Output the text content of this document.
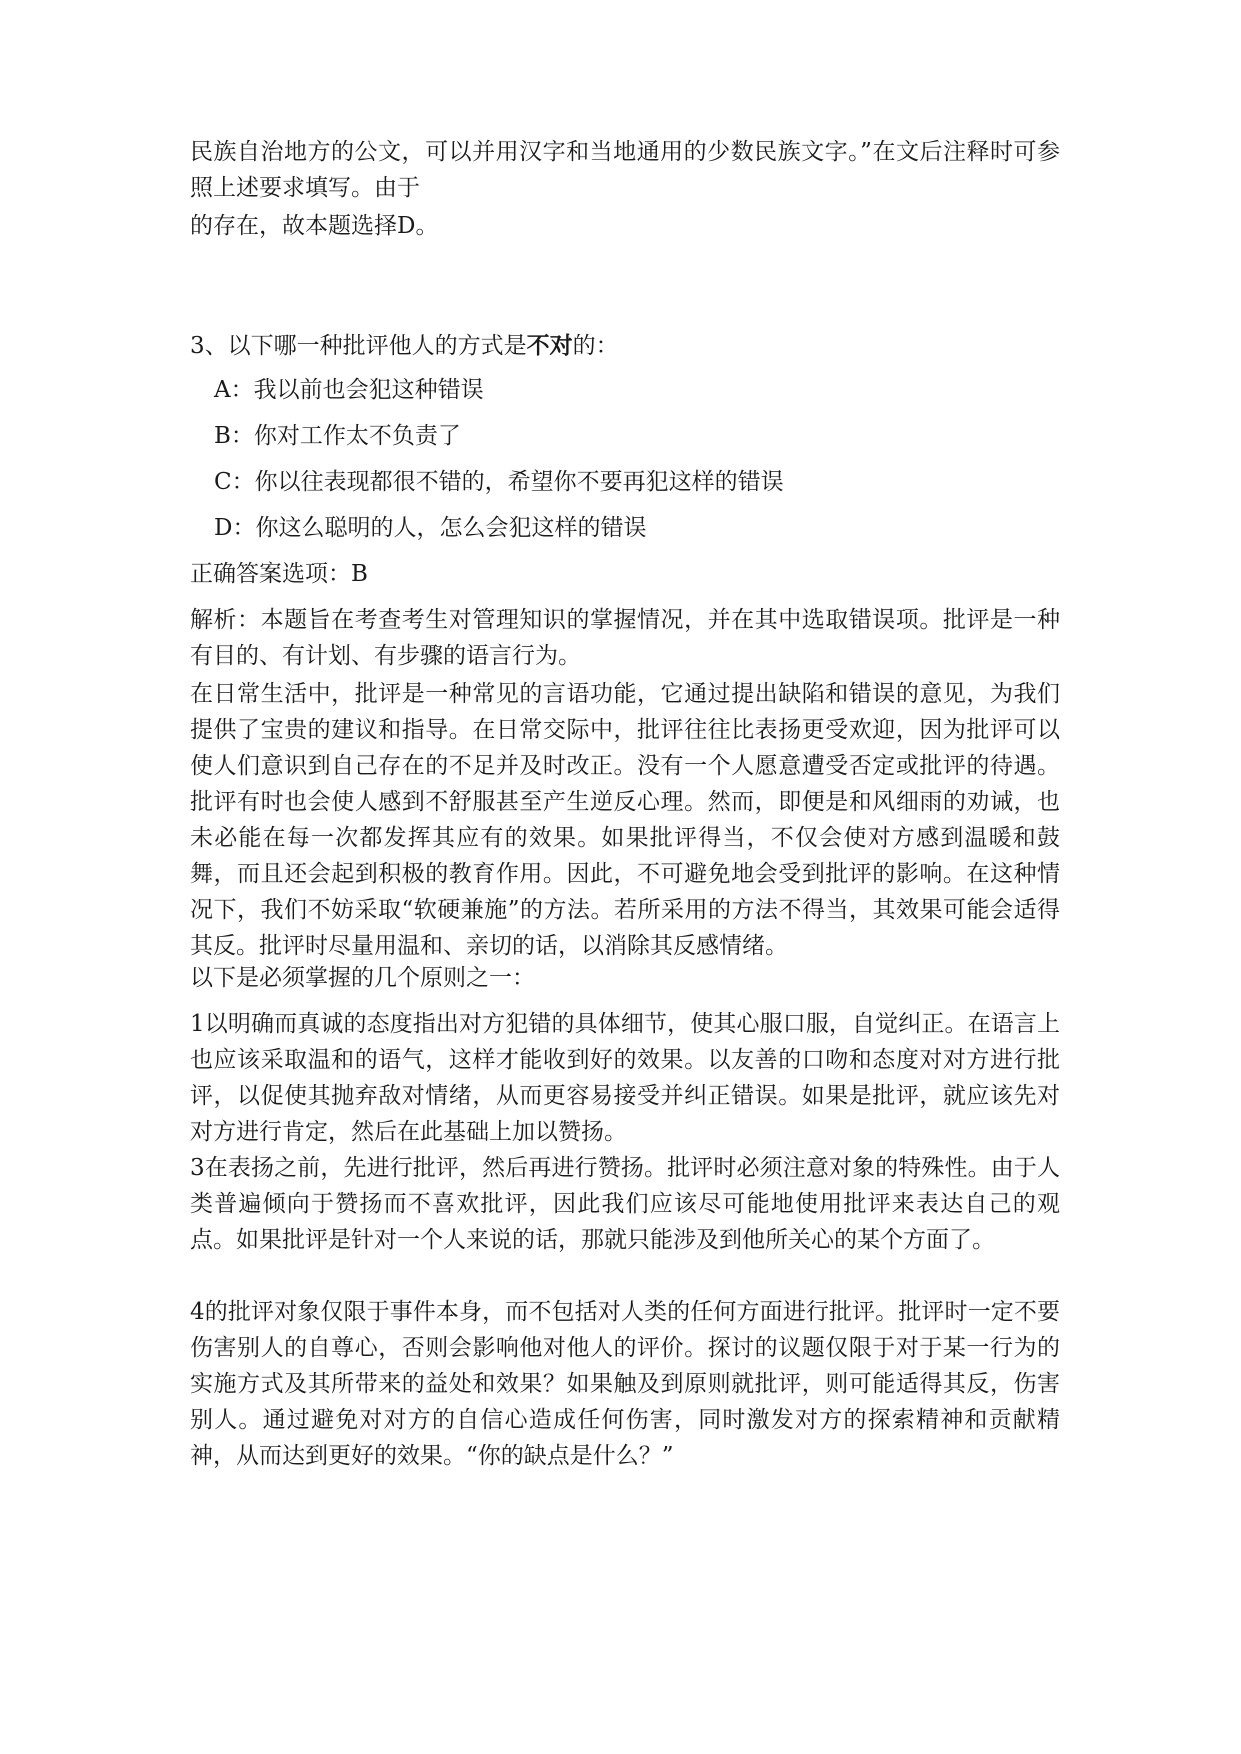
民族自治地方的公文，可以并用汉字和当地通用的少数民族文字。”在文后注释时可参照上述要求填写。由于

的存在，故本题选择D。

3、以下哪一种批评他人的方式是不对的：

A：我以前也会犯这种错误

B：你对工作太不负责了

C：你以往表现都很不错的，希望你不要再犯这样的错误

D：你这么聪明的人，怎么会犯这样的错误

正确答案选项：B

解析：本题旨在考查考生对管理知识的掌握情况，并在其中选取错误项。批评是一种有目的、有计划、有步骤的语言行为。

在日常生活中，批评是一种常见的言语功能，它通过提出缺陷和错误的意见，为我们提供了宝贵的建议和指导。在日常交际中，批评往往比表扬更受欢迎，因为批评可以使人们意识到自己存在的不足并及时改正。没有一个人愿意遭受否定或批评的待遇。批评有时也会使人感到不舒服甚至产生逆反心理。然而，即便是和风细雨的劝诫，也未必能在每一次都发挥其应有的效果。如果批评得当，不仅会使对方感到温暖和鼓舞，而且还会起到积极的教育作用。因此，不可避免地会受到批评的影响。在这种情况下，我们不妨采取“软硬兼施”的方法。若所采用的方法不得当，其效果可能会适得其反。批评时尽量用温和、亲切的话，以消除其反感情绪。

以下是必须掌握的几个原则之一：

1以明确而真诚的态度指出对方犯错的具体细节，使其心服口服，自觉纠正。在语言上也应该采取温和的语气，这样才能收到好的效果。以友善的口吻和态度对对方进行批评，以促使其抛弃敌对情绪，从而更容易接受并纠正错误。如果是批评，就应该先对对方进行肯定，然后在此基础上加以赞扬。

3在表扬之前，先进行批评，然后再进行赞扬。批评时必须注意对象的特殊性。由于人类普遍倾向于赞扬而不喜欢批评，因此我们应该尽可能地使用批评来表达自己的观点。如果批评是针对一个人来说的话，那就只能涉及到他所关心的某个方面了。

4的批评对象仅限于事件本身，而不包括对人类的任何方面进行批评。批评时一定不要伤害别人的自尊心，否则会影响他对他人的评价。探讨的议题仅限于对于某一行为的实施方式及其所带来的益处和效果？如果触及到原则就批评，则可能适得其反，伤害别人。通过避免对对方的自信心造成任何伤害，同时激发对方的探索精神和贡献精神，从而达到更好的效果。“你的缺点是什么？”
